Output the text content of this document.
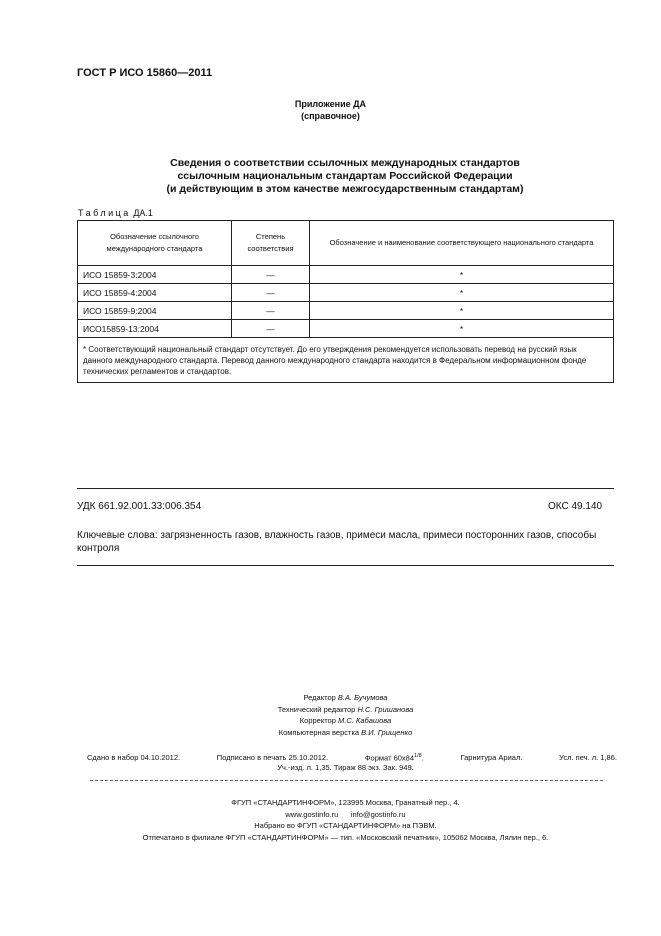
ГОСТ Р ИСО 15860—2011
Приложение ДА
(справочное)
Сведения о соответствии ссылочных международных стандартов
ссылочным национальным стандартам Российской Федерации
(и действующим в этом качестве межгосударственным стандартам)
Таблица ДА.1
Обозначение ссылочного международного стандарта	Степень соответствия	Обозначение и наименование соответствующего национального стандарта
ИСО 15859-3:2004	—	*
ИСО 15859-4:2004	—	*
ИСО 15859-9:2004	—	*
ИСО15859-13:2004	—	*
* Соответствующий национальный стандарт отсутствует. До его утверждения рекомендуется использовать перевод на русский язык данного международного стандарта. Перевод данного международного стандарта находится в Федеральном информационном фонде технических регламентов и стандартов.		
УДК 661.92.001.33:006.354	ОКС 49.140
Ключевые слова: загрязненность газов, влажность газов, примеси масла, примеси посторонних газов, способы контроля
Редактор В.А. Бучумова
Технический редактор Н.С. Гришанова
Корректор М.С. Кабашова
Компьютерная верстка В.И. Грищенко
Сдано в набор 04.10.2012.	Подписано в печать 25.10.2012.	Формат $60х84^{1/8}$.	Гарнитура Ариал.	Усл. печ. л. 1,86.
Уч.-изд. л. 1,35. Тираж 88 экз. Зак. 949.
ФГУП «СТАНДАРТИНФОРМ», 123995 Москва, Гранатный пер., 4.
www.gostinfo.ru info@gostinfo.ru
Набрано во ФГУП «СТАНДАРТИНФОРМ» на ПЭВМ.
Отпечатано в филиале ФГУП «СТАНДАРТИНФОРМ» — тип. «Московский печатник», 105062 Москва, Лялин пер., 6.
